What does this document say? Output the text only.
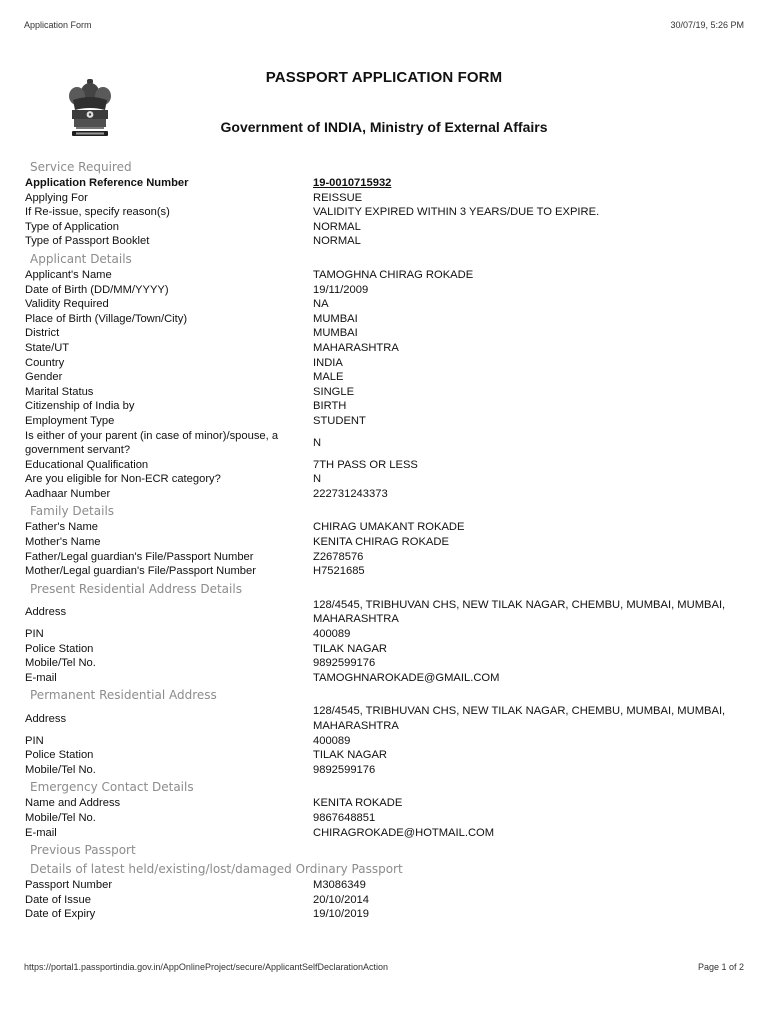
Application Form	30/07/19, 5:26 PM
PASSPORT APPLICATION FORM
Government of INDIA, Ministry of External Affairs
Service Required
Application Reference Number	19-0010715932
Applying For	REISSUE
If Re-issue, specify reason(s)	VALIDITY EXPIRED WITHIN 3 YEARS/DUE TO EXPIRE.
Type of Application	NORMAL
Type of Passport Booklet	NORMAL
Applicant Details
Applicant's Name	TAMOGHNA CHIRAG ROKADE
Date of Birth (DD/MM/YYYY)	19/11/2009
Validity Required	NA
Place of Birth (Village/Town/City)	MUMBAI
District	MUMBAI
State/UT	MAHARASHTRA
Country	INDIA
Gender	MALE
Marital Status	SINGLE
Citizenship of India by	BIRTH
Employment Type	STUDENT
Is either of your parent (in case of minor)/spouse, a government servant?
N
Educational Qualification	7TH PASS OR LESS
Are you eligible for Non-ECR category?	N
Aadhaar Number	222731243373
Family Details
Father's Name	CHIRAG UMAKANT ROKADE
Mother's Name	KENITA CHIRAG ROKADE
Father/Legal guardian's File/Passport Number	Z2678576
Mother/Legal guardian's File/Passport Number	H7521685
Present Residential Address Details
Address
128/4545, TRIBHUVAN CHS, NEW TILAK NAGAR, CHEMBU, MUMBAI, MUMBAI, MAHARASHTRA
PIN	400089
Police Station	TILAK NAGAR
Mobile/Tel No.	9892599176
E-mail	TAMOGHNAROKADE@GMAIL.COM
Permanent Residential Address
Address
128/4545, TRIBHUVAN CHS, NEW TILAK NAGAR, CHEMBU, MUMBAI, MUMBAI, MAHARASHTRA
PIN	400089
Police Station	TILAK NAGAR
Mobile/Tel No.	9892599176
Emergency Contact Details
Name and Address	KENITA ROKADE
Mobile/Tel No.	9867648851
E-mail	CHIRAGROKADE@HOTMAIL.COM
Previous Passport
Details of latest held/existing/lost/damaged Ordinary Passport
Passport Number	M3086349
Date of Issue	20/10/2014
Date of Expiry	19/10/2019
https://portal1.passportindia.gov.in/AppOnlineProject/secure/ApplicantSelfDeclarationAction	Page 1 of 2
